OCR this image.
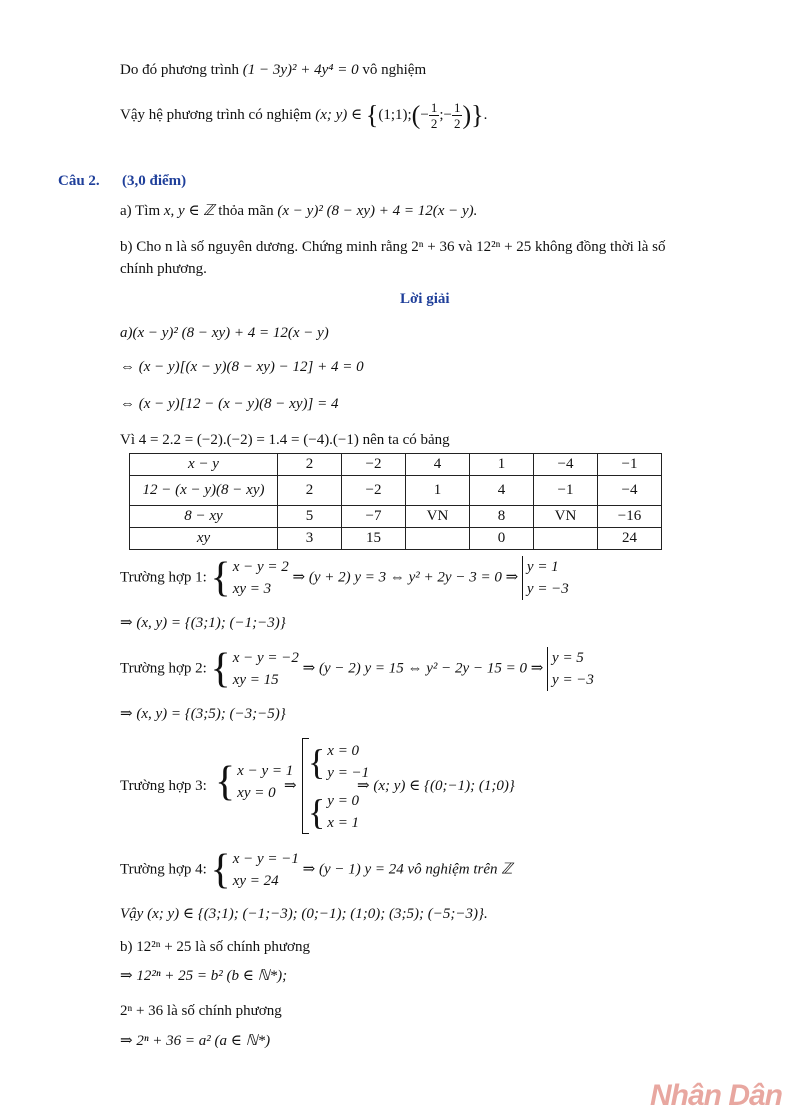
Do đó phương trình (1 − 3y)² + 4y⁴ = 0 vô nghiệm
Vậy hệ phương trình có nghiệm (x; y) ∈ {(1;1);(− $\frac{1}{2}$ ;− $\frac{1}{2}$ )}.
Câu 2. (3,0 điểm)
a) Tìm x, y ∈ ℤ thỏa mãn (x − y)² (8 − xy) + 4 = 12(x − y).
b) Cho n là số nguyên dương. Chứng minh rằng 2ⁿ + 36 và 12²ⁿ + 25 không đồng thời là số
chính phương.
Lời giải
a)(x − y)² (8 − xy) + 4 = 12(x − y)
⇔ (x − y)[(x − y)(8 − xy) − 12] + 4 = 0
⇔ (x − y)[12 − (x − y)(8 − xy)] = 4
Vì 4 = 2.2 = (−2).(−2) = 1.4 = (−4).(−1) nên ta có bảng
x − y	2	−2	4	1	−4	−1
12 − (x − y)(8 − xy)	2	−2	1	4	−1	−4
8 − xy	5	−7	VN	8	VN	−16
xy	3	15		0		24
Trường hợp 1: { x − y = 2
xy = 3
⇒ (y + 2) y = 3 ⇔ y² + 2y − 3 = 0 ⇒
y = 1
y = −3
⇒ (x, y) = {(3;1); (−1;−3)}
Trường hợp 2: { x − y = −2
xy = 15
⇒ (y − 2) y = 15 ⇔ y² − 2y − 15 = 0 ⇒
y = 5
y = −3
⇒ (x, y) = {(3;5); (−3;−5)}
Trường hợp 3: { x − y = 1
xy = 0 ⇒
{ x = 0
y = −1
{ y = 0
x = 1
⇒ (x; y) ∈ {(0;−1); (1;0)}
Trường hợp 4: { x − y = −1
xy = 24
⇒ (y − 1) y = 24 vô nghiệm trên ℤ
Vậy (x; y) ∈ {(3;1); (−1;−3); (0;−1); (1;0); (3;5); (−5;−3)}.
b) 12²ⁿ + 25 là số chính phương
⇒ 12²ⁿ + 25 = b² (b ∈ ℕ*);
2ⁿ + 36 là số chính phương
⇒ 2ⁿ + 36 = a² (a ∈ ℕ*)
Nhân Dân
